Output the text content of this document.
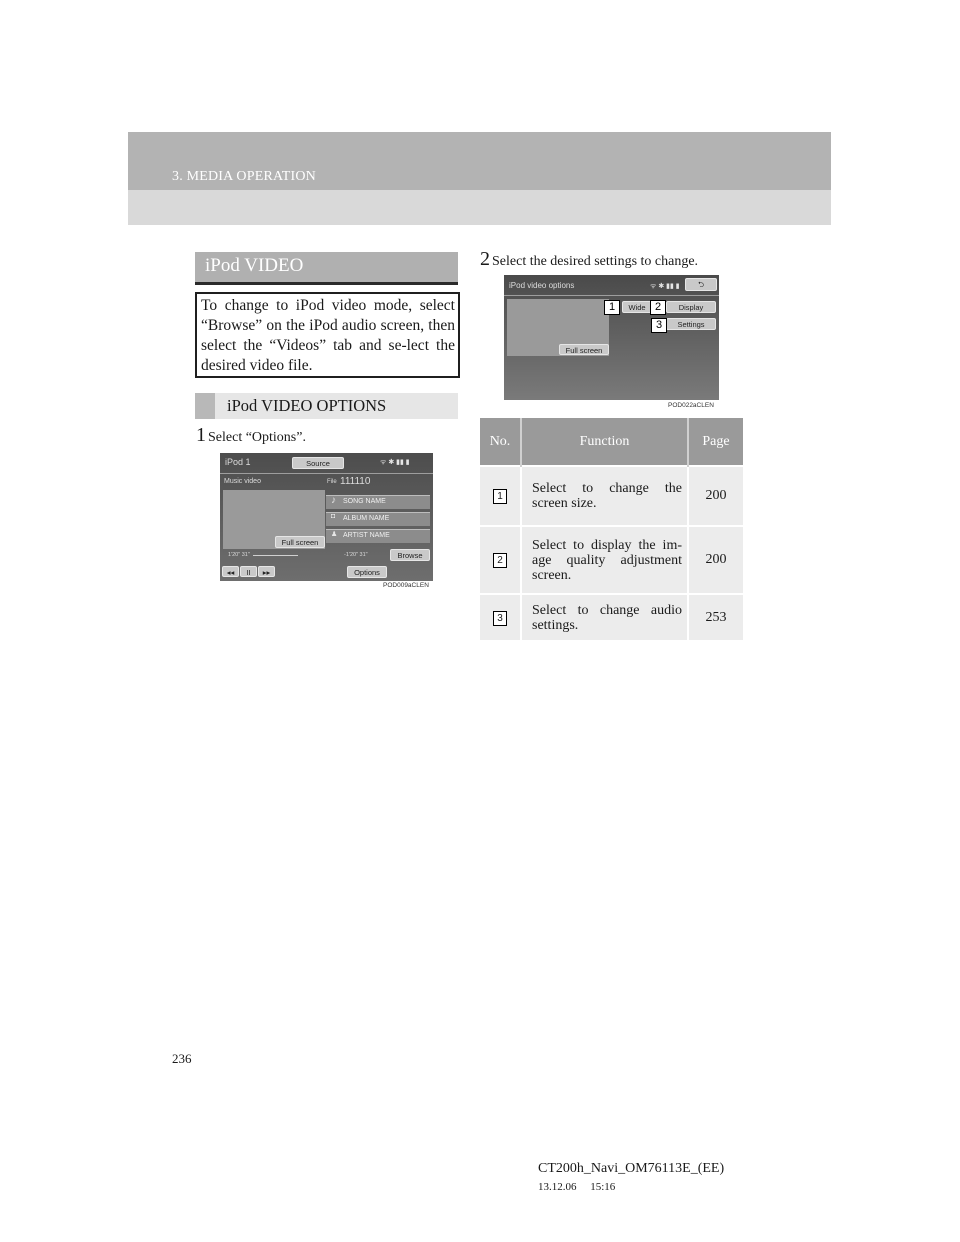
3. MEDIA OPERATION
iPod VIDEO
To change to iPod video mode, select “Browse” on the iPod audio screen, then select the “Videos” tab and se-lect the desired video file.
iPod VIDEO OPTIONS
1 Select “Options”.
iPod 1	Source	ᯤ ✱ ▮▮ ▮
Music video	File 111110
Full screen
♪ SONG NAME
◘ ALBUM NAME
♟ ARTIST NAME
1'20" 31"	-1'20" 31"	Browse
◂◂	II	▸▸	Options
POD009aCLEN
2 Select the desired settings to change.
iPod video options	ᯤ ✱ ▮▮ ▮	⮌
Full screen
Wide	Display
Settings
POD022aCLEN
1	2
3
No.	Function	Page
1	Select to change the screen size.	200
2	Select to display the im-age quality adjustment screen.	200
3	Select to change audio settings.	253
236
CT200h_Navi_OM76113E_(EE)
13.12.06     15:16
